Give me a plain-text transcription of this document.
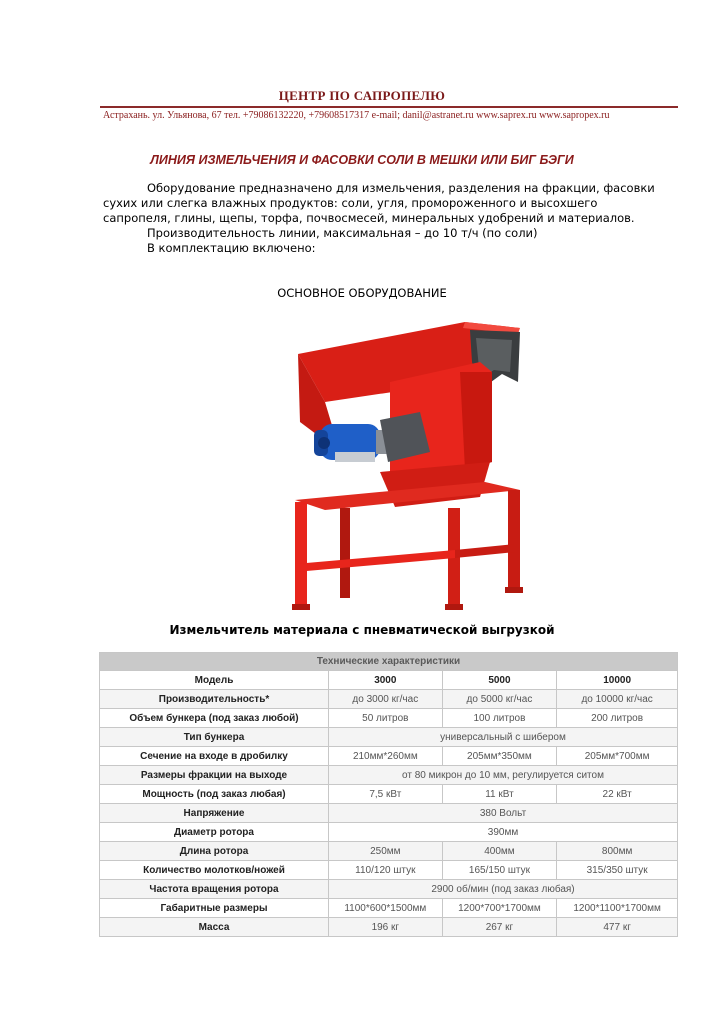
ЦЕНТР ПО САПРОПЕЛЮ
Астрахань. ул. Ульянова, 67 тел. +79086132220, +79608517317 e-mail; danil@astranet.ru www.saprex.ru www.sapropex.ru
ЛИНИЯ ИЗМЕЛЬЧЕНИЯ И ФАСОВКИ СОЛИ В МЕШКИ ИЛИ БИГ БЭГИ

Оборудование предназначено для измельчения, разделения на фракции, фасовки сухих или слегка влажных продуктов: соли, угля, промороженного и высохшего сапропеля, глины, щепы, торфа, почвосмесей, минеральных удобрений и материалов.

Производительность линии, максимальная – до 10 т/ч (по соли)

В комплектацию включено:

ОСНОВНОЕ ОБОРУДОВАНИЕ
Измельчитель материала с пневматической выгрузкой
Технические характеристики			
Модель	3000	5000	10000
Производительность*	до 3000 кг/час	до 5000 кг/час	до 10000 кг/час
Объем бункера (под заказ любой)	50 литров	100 литров	200 литров
Тип бункера	универсальный с шибером		
Сечение на входе в дробилку	210мм*260мм	205мм*350мм	205мм*700мм
Размеры фракции на выходе	от 80 микрон до 10 мм, регулируется ситом		
Мощность (под заказ любая)	7,5 кВт	11 кВт	22 кВт
Напряжение	380 Вольт		
Диаметр ротора	390мм		
Длина ротора	250мм	400мм	800мм
Количество молотков/ножей	110/120 штук	165/150 штук	315/350 штук
Частота вращения ротора	2900 об/мин (под заказ любая)		
Габаритные размеры	1100*600*1500мм	1200*700*1700мм	1200*1100*1700мм
Масса	196 кг	267 кг	477 кг
